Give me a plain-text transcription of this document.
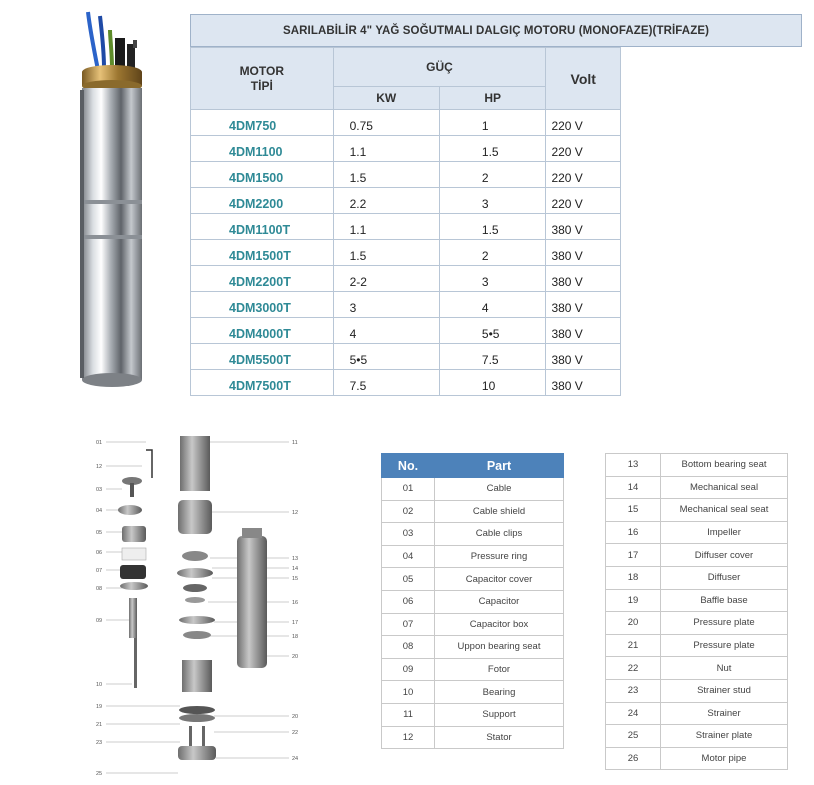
SARILABİLİR 4" YAĞ SOĞUTMALI DALGIÇ MOTORU (MONOFAZE)(TRİFAZE)
MOTOR
TİPİ	GÜÇ		Volt
	KW	HP	
4DM750	0.75	1	220 V
4DM1100	1.1	1.5	220 V
4DM1500	1.5	2	220 V
4DM2200	2.2	3	220 V
4DM1100T	1.1	1.5	380 V
4DM1500T	1.5	2	380 V
4DM2200T	2-2	3	380 V
4DM3000T	3	4	380 V
4DM4000T	4	5•5	380 V
4DM5500T	5•5	7.5	380 V
4DM7500T	7.5	10	380 V
01
12
03
04
05
06
07
08
09
10
19
21
23
25
11
12
13
14
15
16
17
18
20
20
22
24
No.	Part
01	Cable
02	Cable shield
03	Cable clips
04	Pressure ring
05	Capacitor cover
06	Capacitor
07	Capacitor box
08	Uppon bearing seat
09	Fotor
10	Bearing
11	Support
12	Stator
13	Bottom bearing seat
14	Mechanical seal
15	Mechanical seal seat
16	Impeller
17	Diffuser cover
18	Diffuser
19	Baffle base
20	Pressure plate
21	Pressure plate
22	Nut
23	Strainer stud
24	Strainer
25	Strainer plate
26	Motor pipe
